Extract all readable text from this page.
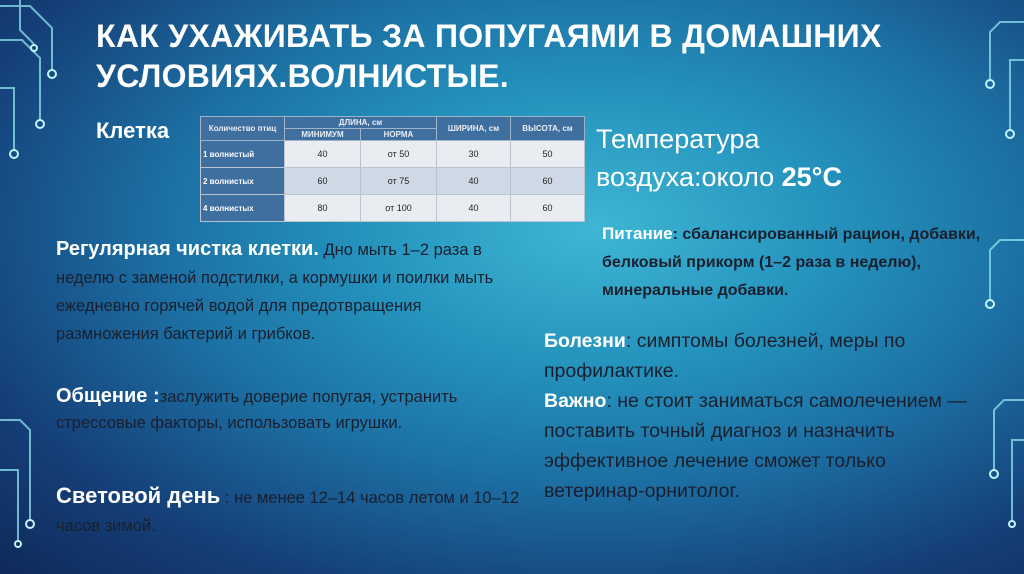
КАК УХАЖИВАТЬ ЗА ПОПУГАЯМИ В ДОМАШНИХ
УСЛОВИЯХ.ВОЛНИСТЫЕ.
Клетка	Количество птиц	ДЛИНА, см		ШИРИНА, см	ВЫСОТА, см
	МИНИМУМ	НОРМА		
1 волнистый	40	от 50	30	50
2 волнистых	60	от 75	40	60
4 волнистых	80	от 100	40	60
Температура
воздуха:около 25°С
Регулярная чистка клетки. Дно мыть 1–2 раза в неделю с заменой подстилки, а кормушки и поилки мыть ежедневно горячей водой для предотвращения размножения бактерий и грибков.
Общение :заслужить доверие попугая, устранить стрессовые факторы, использовать игрушки.
Световой день : не менее 12–14 часов летом и 10–12 часов зимой.
Питание: сбалансированный рацион, добавки, белковый прикорм (1–2 раза в неделю), минеральные добавки.
Болезни: симптомы болезней, меры по профилактике.
Важно: не стоит заниматься самолечением — поставить точный диагноз и назначить эффективное лечение сможет только ветеринар-орнитолог.
